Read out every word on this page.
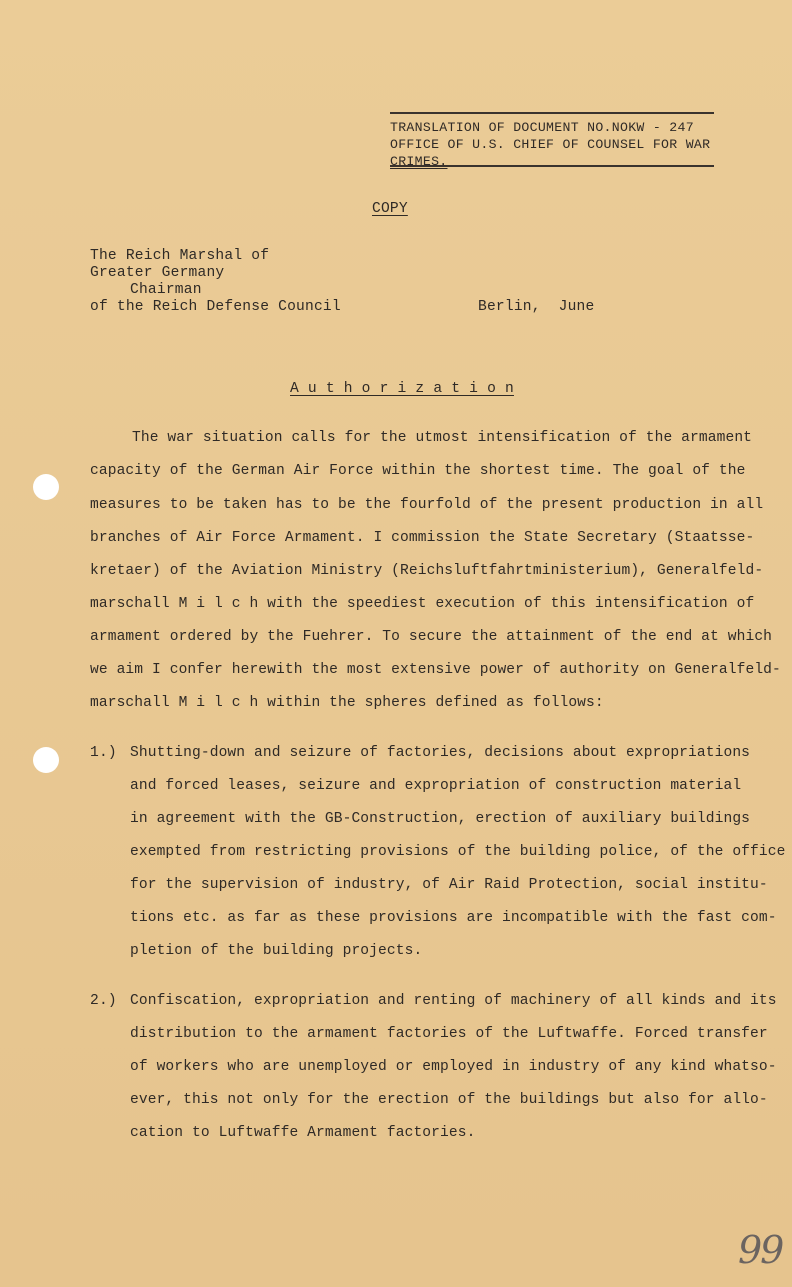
TRANSLATION OF DOCUMENT NO.NOKW - 247
OFFICE OF U.S. CHIEF OF COUNSEL FOR WAR
CRIMES.
COPY
The Reich Marshal of
Greater Germany
Chairman
of the Reich Defense Council	Berlin,  June
A u t h o r i z a t i o n
The war situation calls for the utmost intensification of the armament
capacity of the German Air Force within the shortest time. The goal of the
measures to be taken has to be the fourfold of the present production in all
branches of Air Force Armament. I commission the State Secretary (Staatsse-
kretaer) of the Aviation Ministry (Reichsluftfahrtministerium), Generalfeld-
marschall M i l c h with the speediest execution of this intensification of
armament ordered by the Fuehrer. To secure the attainment of the end at which
we aim I confer herewith the most extensive power of authority on Generalfeld-
marschall M i l c h within the spheres defined as follows:
1.) Shutting-down and seizure of factories, decisions about expropriations
and forced leases, seizure and expropriation of construction material
in agreement with the GB-Construction, erection of auxiliary buildings
exempted from restricting provisions of the building police, of the office
for the supervision of industry, of Air Raid Protection, social institu-
tions etc. as far as these provisions are incompatible with the fast com-
pletion of the building projects.
2.) Confiscation, expropriation and renting of machinery of all kinds and its
distribution to the armament factories of the Luftwaffe. Forced transfer
of workers who are unemployed or employed in industry of any kind whatso-
ever, this not only for the erection of the buildings but also for allo-
cation to Luftwaffe Armament factories.
99
